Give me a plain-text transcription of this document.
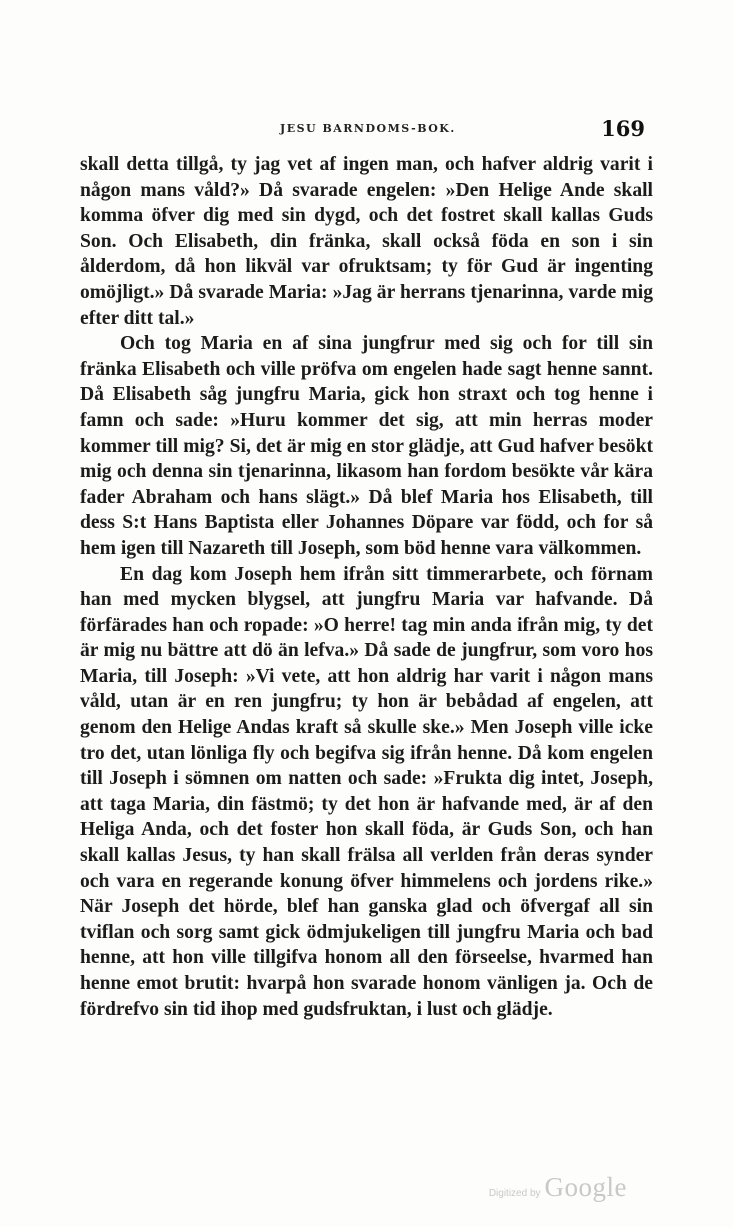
JESU BARNDOMS-BOK.	169

skall detta tillgå, ty jag vet af ingen man, och hafver aldrig varit i någon mans våld?» Då svarade engelen: »Den Helige Ande skall komma öfver dig med sin dygd, och det fostret skall kallas Guds Son. Och Elisabeth, din fränka, skall också föda en son i sin ålderdom, då hon likväl var ofruktsam; ty för Gud är ingenting omöjligt.» Då svarade Maria: »Jag är herrans tjenarinna, varde mig efter ditt tal.»

Och tog Maria en af sina jungfrur med sig och for till sin fränka Elisabeth och ville pröfva om engelen hade sagt henne sannt. Då Elisabeth såg jungfru Maria, gick hon straxt och tog henne i famn och sade: »Huru kommer det sig, att min herras moder kommer till mig? Si, det är mig en stor glädje, att Gud hafver besökt mig och denna sin tjenarinna, likasom han fordom besökte vår kära fader Abraham och hans slägt.» Då blef Maria hos Elisabeth, till dess S:t Hans Baptista eller Johannes Döpare var född, och for så hem igen till Nazareth till Joseph, som böd henne vara välkommen.

En dag kom Joseph hem ifrån sitt timmerarbete, och förnam han med mycken blygsel, att jungfru Maria var hafvande. Då förfärades han och ropade: »O herre! tag min anda ifrån mig, ty det är mig nu bättre att dö än lefva.» Då sade de jungfrur, som voro hos Maria, till Joseph: »Vi vete, att hon aldrig har varit i någon mans våld, utan är en ren jungfru; ty hon är bebådad af engelen, att genom den Helige Andas kraft så skulle ske.» Men Joseph ville icke tro det, utan lönliga fly och begifva sig ifrån henne. Då kom engelen till Joseph i sömnen om natten och sade: »Frukta dig intet, Joseph, att taga Maria, din fästmö; ty det hon är hafvande med, är af den Heliga Anda, och det foster hon skall föda, är Guds Son, och han skall kallas Jesus, ty han skall frälsa all verlden från deras synder och vara en regerande konung öfver himmelens och jordens rike.» När Joseph det hörde, blef han ganska glad och öfvergaf all sin tviflan och sorg samt gick ödmjukeligen till jungfru Maria och bad henne, att hon ville tillgifva honom all den förseelse, hvarmed han henne emot brutit: hvarpå hon svarade honom vänligen ja. Och de fördrefvo sin tid ihop med gudsfruktan, i lust och glädje.

Digitized by Google
